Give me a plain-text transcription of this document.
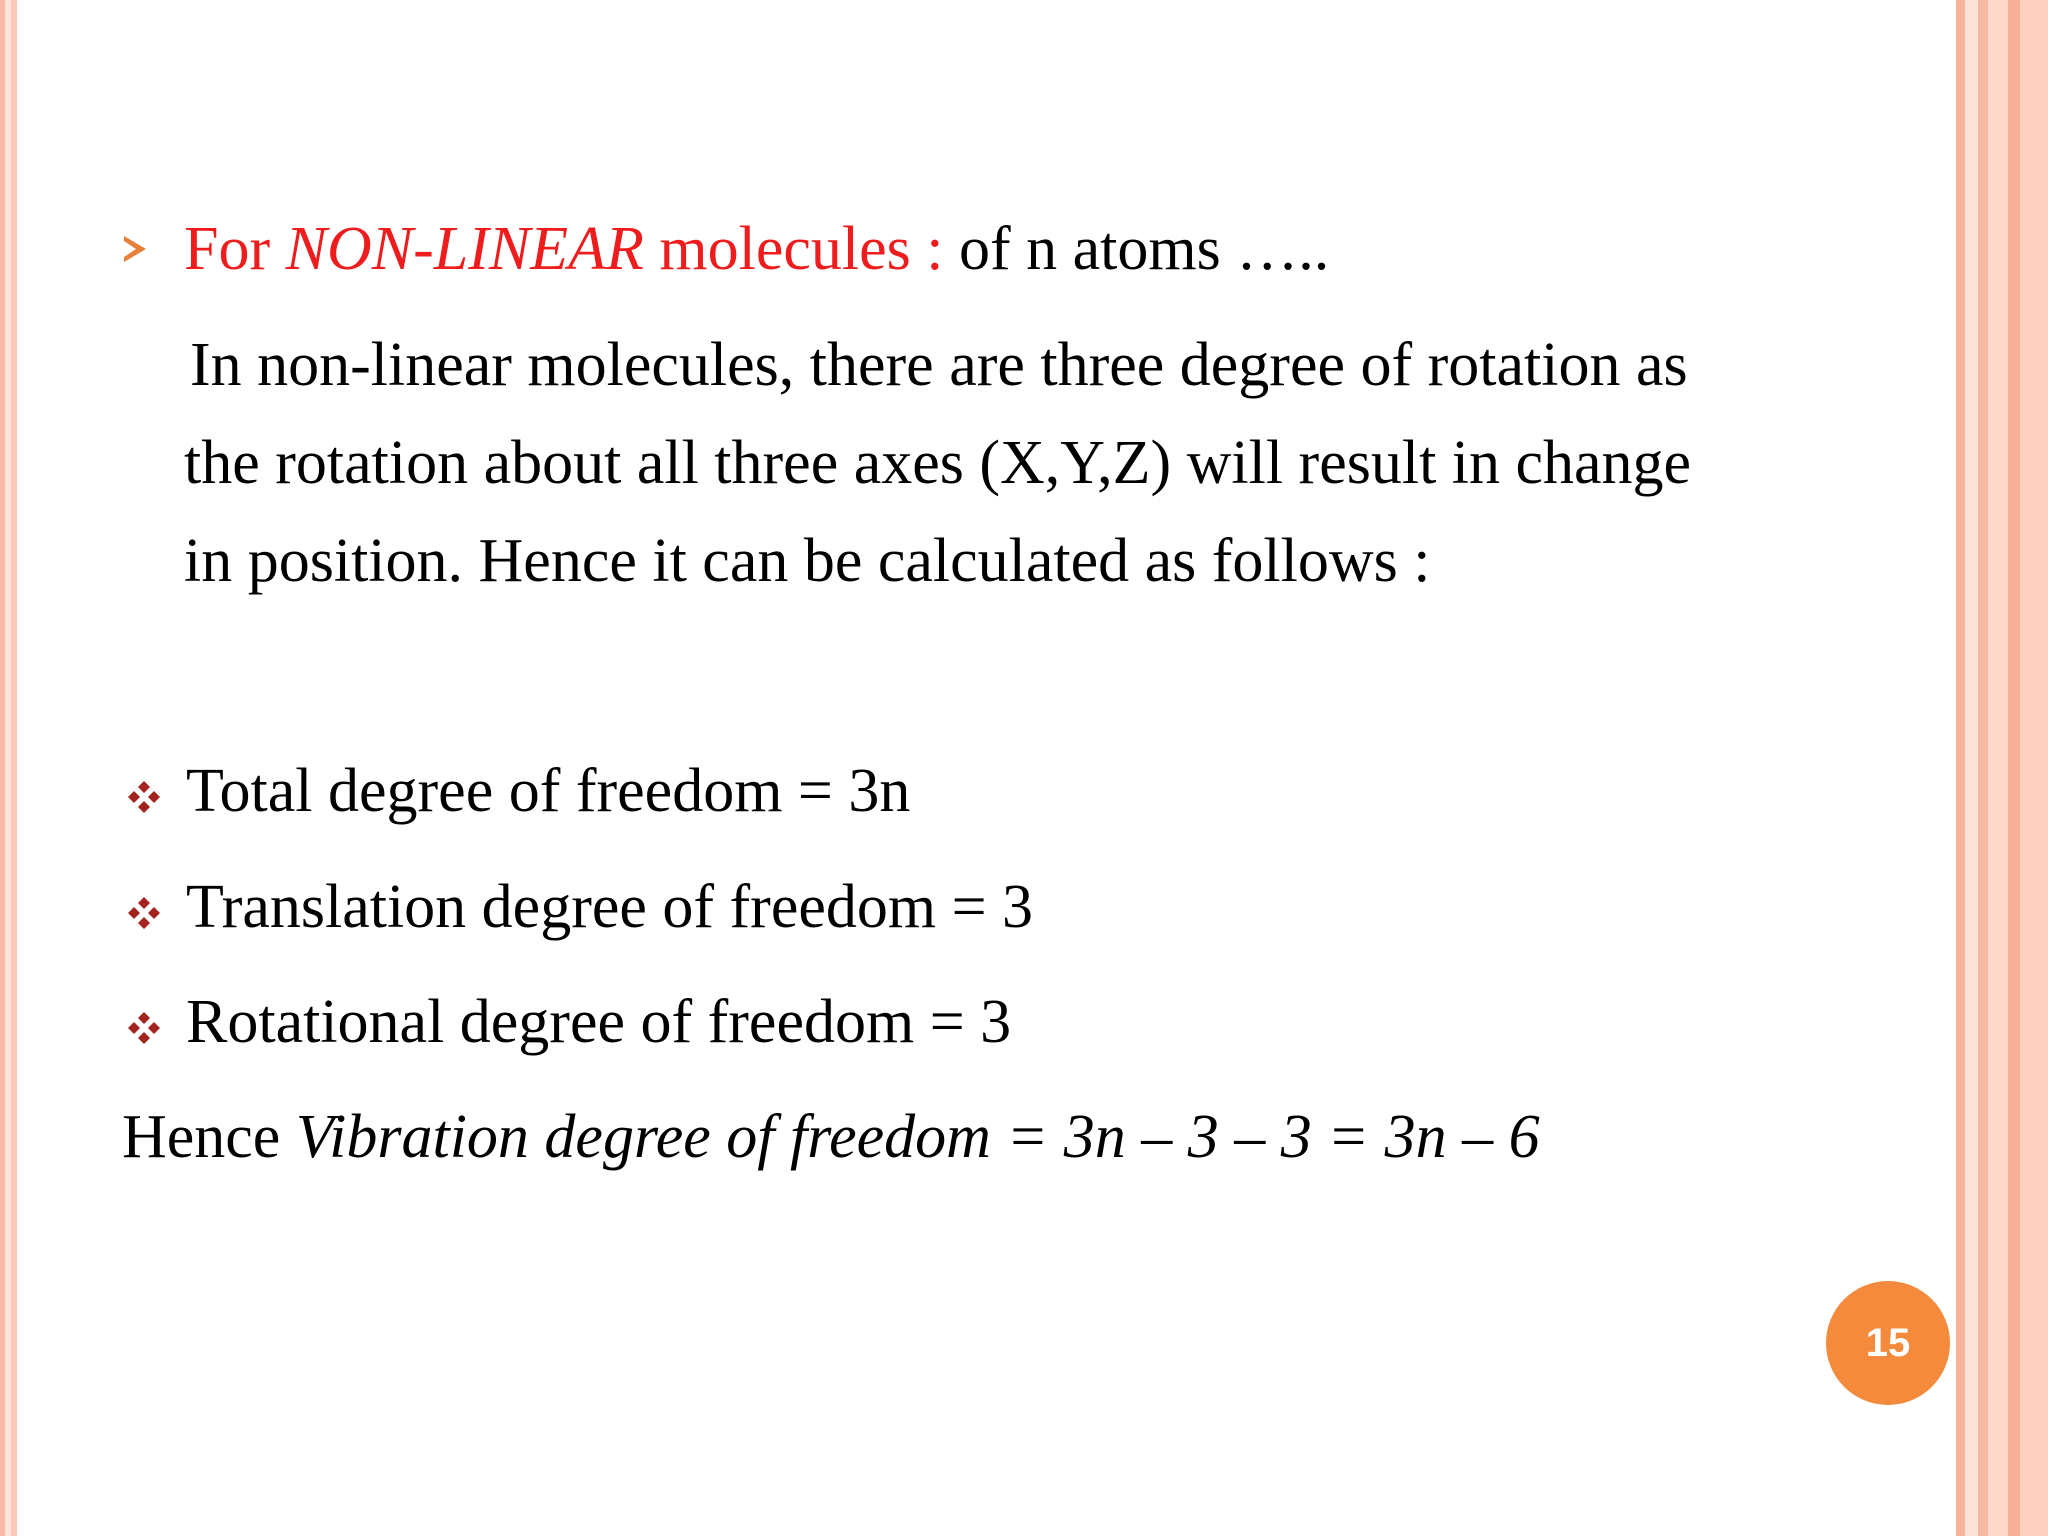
For NON-LINEAR molecules : of n atoms …..
In non-linear molecules, there are three degree of rotation as
the rotation about all three axes (X,Y,Z) will result in change
in position. Hence it can be calculated as follows :
Total degree of freedom = 3n
Translation degree of freedom = 3
Rotational degree of freedom = 3
Hence Vibration degree of freedom = 3n – 3 – 3 = 3n – 6
15
